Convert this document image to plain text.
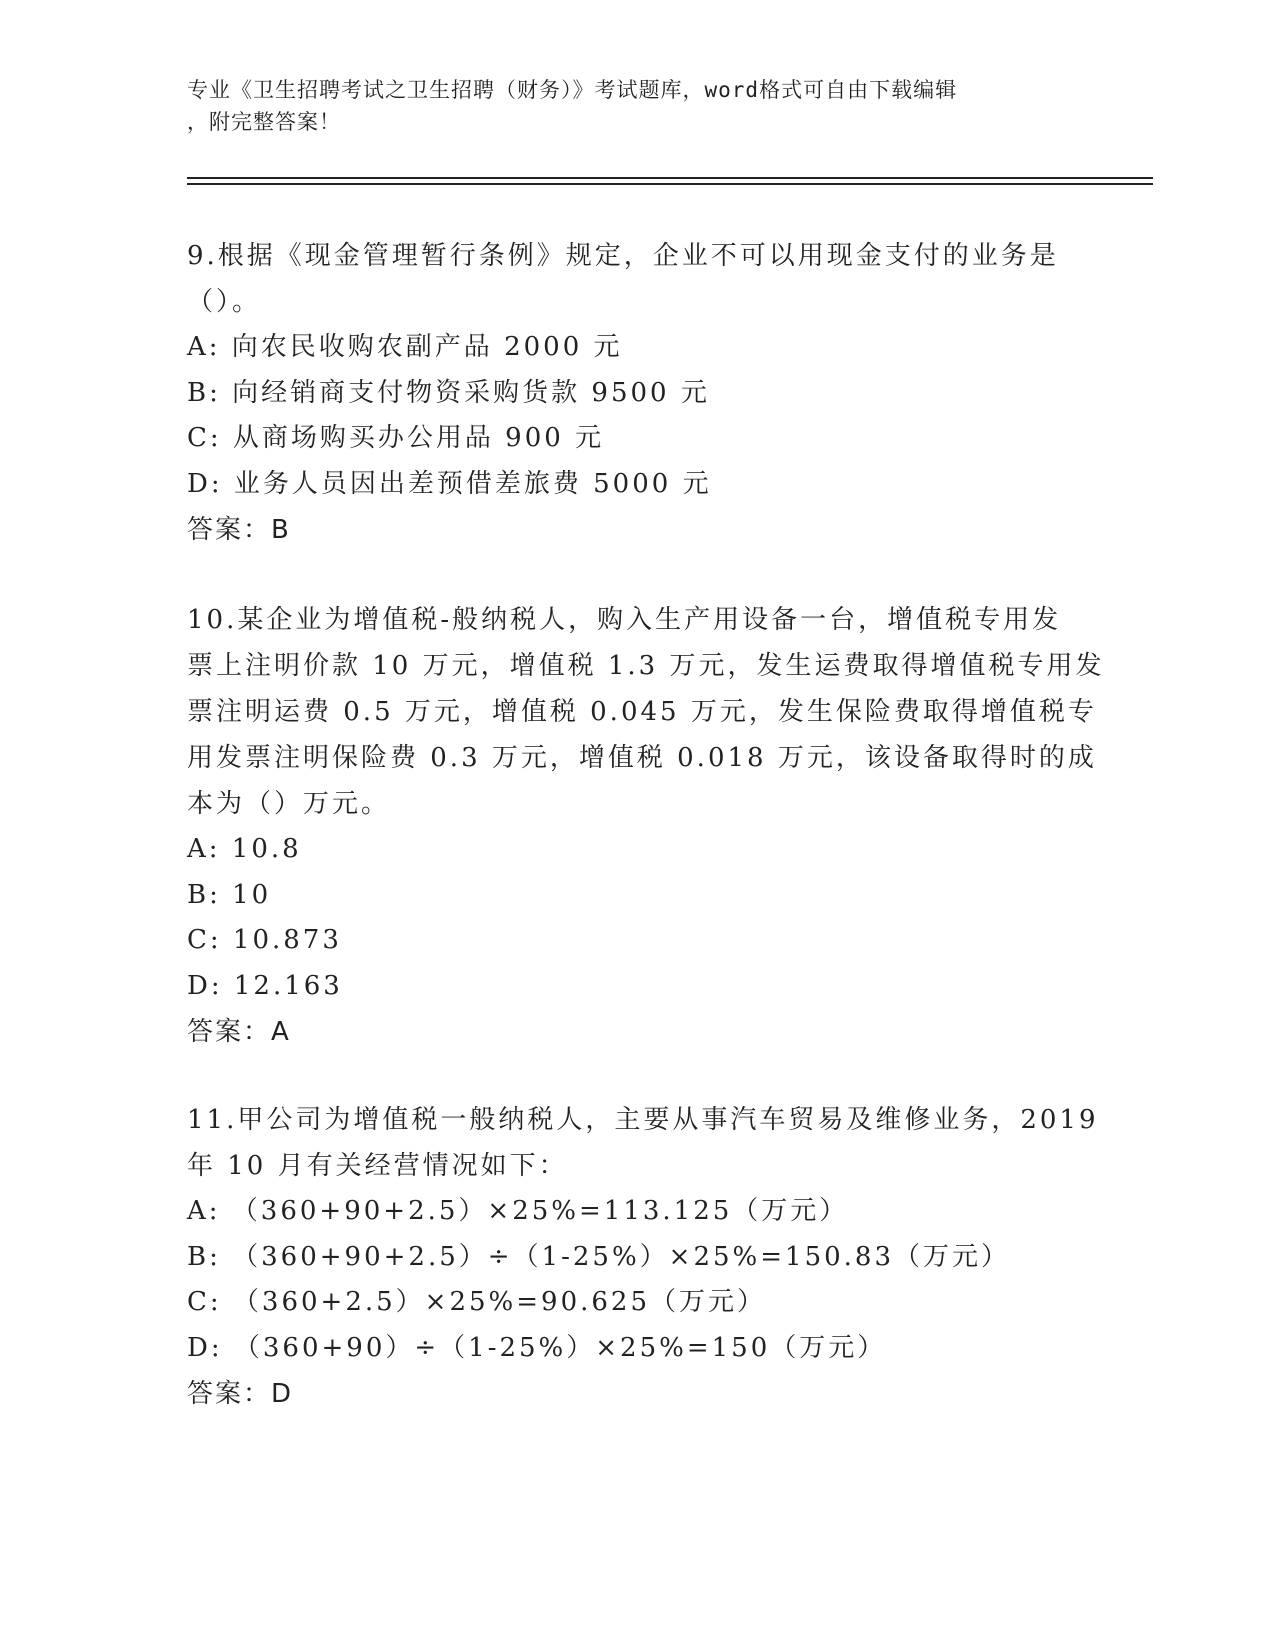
专业《卫生招聘考试之卫生招聘（财务）》考试题库，word格式可自由下载编辑
，附完整答案！
9.根据《现金管理暂行条例》规定，企业不可以用现金支付的业务是
（）。
A: 向农民收购农副产品 2000 元
B: 向经销商支付物资采购货款 9500 元
C: 从商场购买办公用品 900 元
D: 业务人员因出差预借差旅费 5000 元
答案：B
10.某企业为增值税-般纳税人，购入生产用设备一台，增值税专用发
票上注明价款 10 万元，增值税 1.3 万元，发生运费取得增值税专用发
票注明运费 0.5 万元，增值税 0.045 万元，发生保险费取得增值税专
用发票注明保险费 0.3 万元，增值税 0.018 万元，该设备取得时的成
本为（）万元。
A: 10.8
B: 10
C: 10.873
D: 12.163
答案：A
11.甲公司为增值税一般纳税人，主要从事汽车贸易及维修业务，2019
年 10 月有关经营情况如下：
A: （360+90+2.5）×25%=113.125（万元）
B: （360+90+2.5）÷（1-25%）×25%=150.83（万元）
C: （360+2.5）×25%=90.625（万元）
D: （360+90）÷（1-25%）×25%=150（万元）
答案：D
